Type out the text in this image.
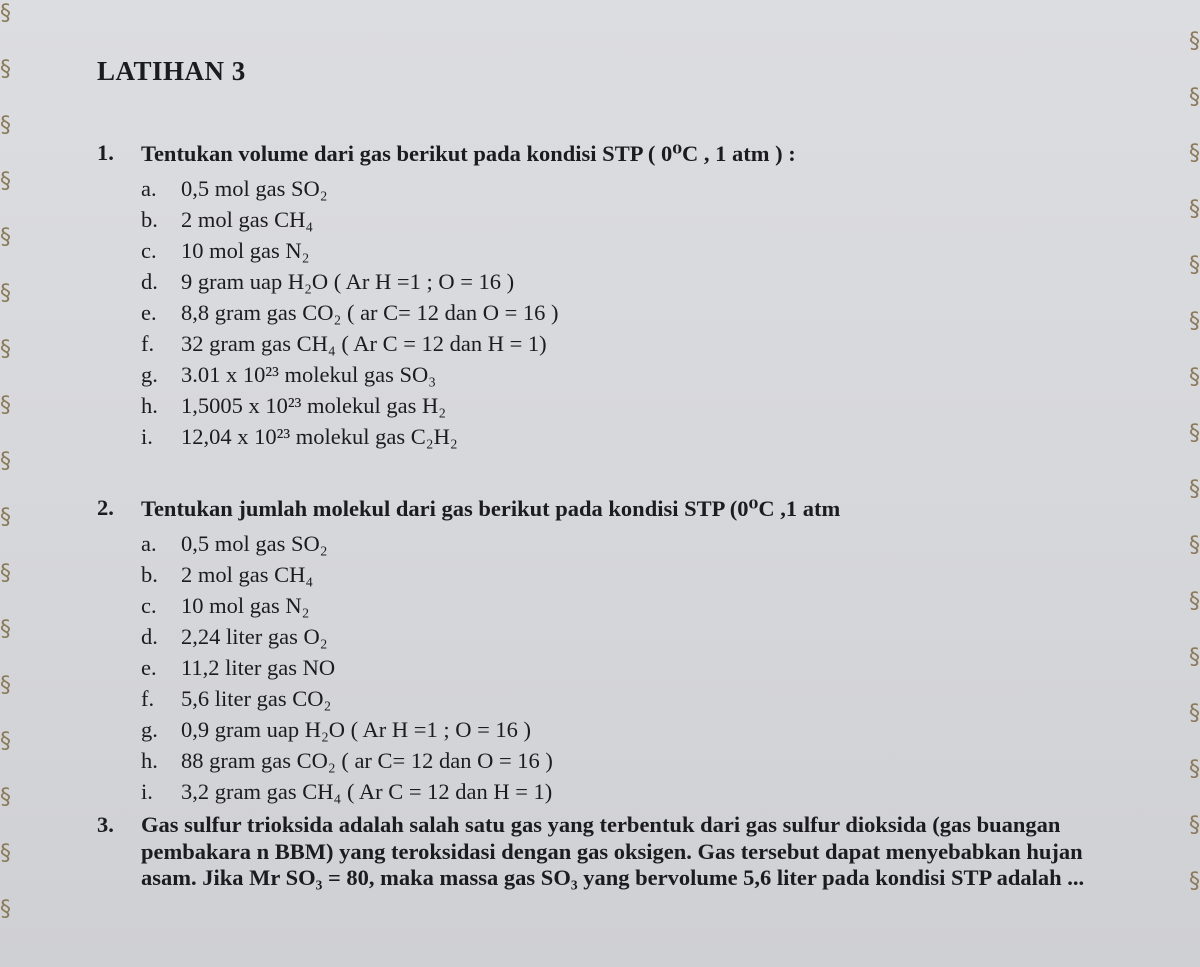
§

§

§

§

§

§

§

§

§

§

§

§

§

§

§

§

§

§

§

§

§

§

§

§

§

§

§

§

§

§

§

§

§
LATIHAN 3
1.	Tentukan volume dari gas berikut pada kondisi STP ( 0⁰C , 1 atm ) :
a.	0,5 mol gas SO₂
b.	2 mol gas CH₄
c.	10 mol gas N₂
d.	9 gram uap H₂O ( Ar H =1 ; O = 16 )
e.	8,8 gram gas CO₂ ( ar C= 12 dan O = 16 )
f.	32 gram gas CH₄ ( Ar C = 12 dan H = 1)
g.	3.01 x 10²³ molekul gas SO₃
h.	1,5005 x 10²³ molekul gas H₂
i.	12,04 x 10²³ molekul gas C₂H₂
2.	Tentukan jumlah molekul dari gas berikut pada kondisi STP (0⁰C ,1 atm
a.	0,5 mol gas SO₂
b.	2 mol gas CH₄
c.	10 mol gas N₂
d.	2,24 liter gas O₂
e.	11,2 liter gas NO
f.	5,6 liter gas CO₂
g.	0,9 gram uap H₂O ( Ar H =1 ; O = 16 )
h.	88 gram gas CO₂ ( ar C= 12 dan O = 16 )
i.	3,2 gram gas CH₄ ( Ar C = 12 dan H = 1)
3.	Gas sulfur trioksida adalah salah satu gas yang terbentuk dari gas sulfur dioksida (gas buangan pembakara n BBM) yang teroksidasi dengan gas oksigen. Gas tersebut dapat menyebabkan hujan asam. Jika Mr SO₃ = 80, maka massa gas SO₃ yang bervolume 5,6 liter pada kondisi STP adalah ...
